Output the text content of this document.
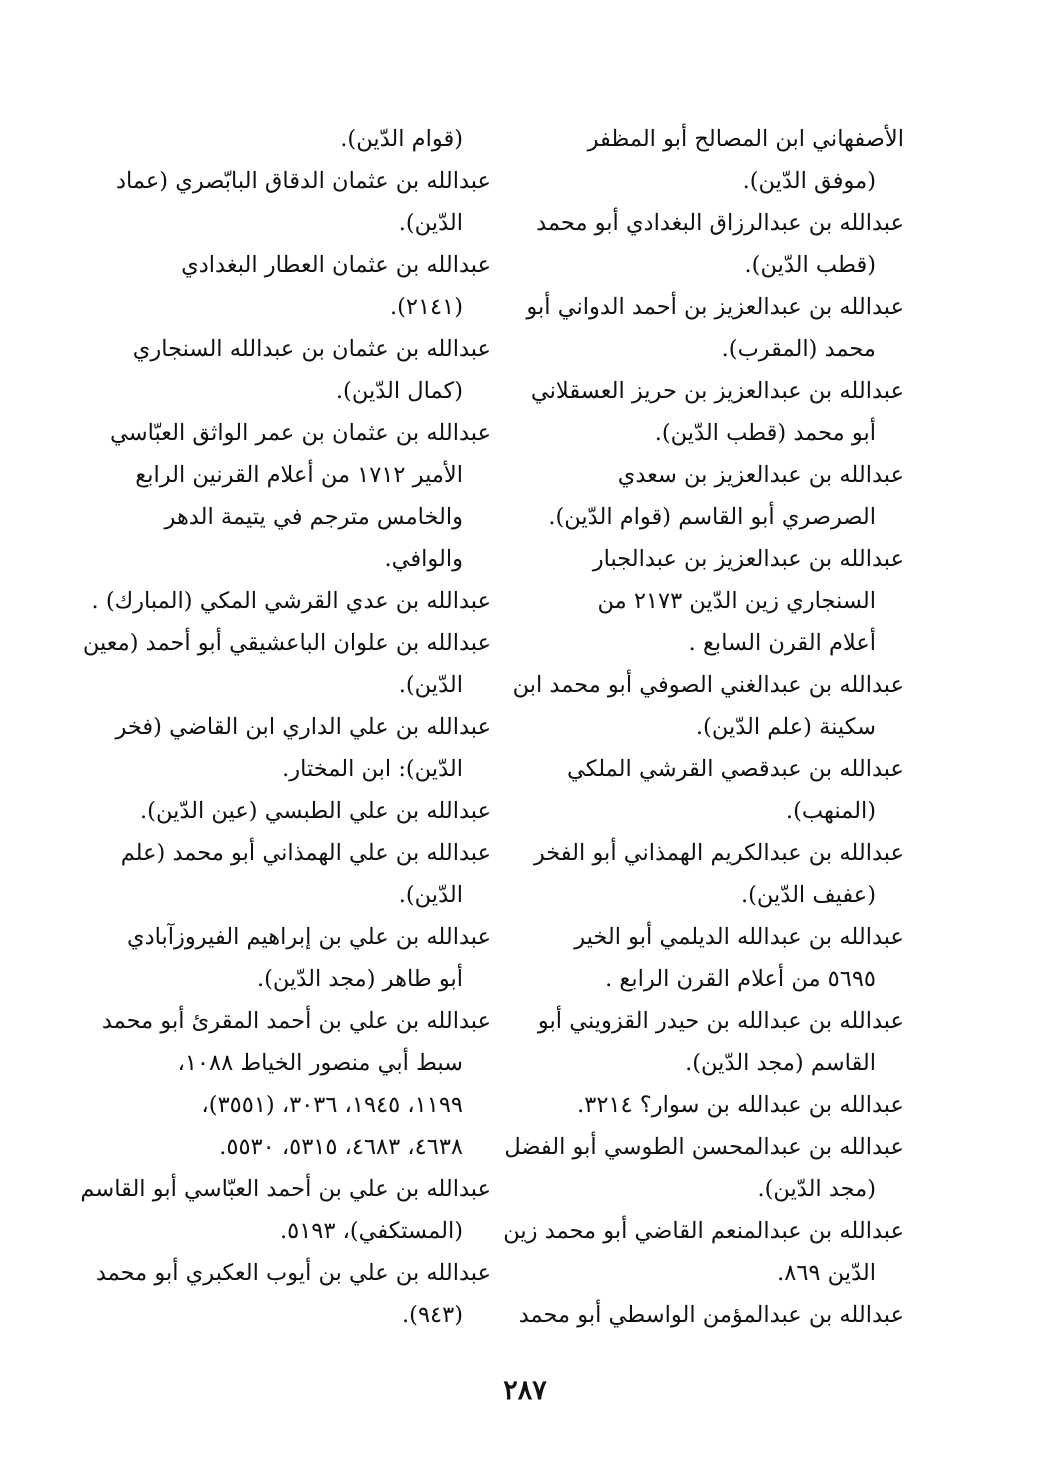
الأصفهاني ابن المصالح أبو المظفر
(موفق الدّين).
عبدالله بن عبدالرزاق البغدادي أبو محمد
(قطب الدّين).
عبدالله بن عبدالعزيز بن أحمد الدواني أبو
محمد (المقرب).
عبدالله بن عبدالعزيز بن حريز العسقلاني
أبو محمد (قطب الدّين).
عبدالله بن عبدالعزيز بن سعدي
الصرصري أبو القاسم (قوام الدّين).
عبدالله بن عبدالعزيز بن عبدالجبار
السنجاري زين الدّين ٢١٧٣ من
أعلام القرن السابع .
عبدالله بن عبدالغني الصوفي أبو محمد ابن
سكينة (علم الدّين).
عبدالله بن عبدقصي القرشي الملكي
(المنهب).
عبدالله بن عبدالكريم الهمذاني أبو الفخر
(عفيف الدّين).
عبدالله بن عبدالله الديلمي أبو الخير
٥٦٩٥ من أعلام القرن الرابع .
عبدالله بن عبدالله بن حيدر القزويني أبو
القاسم (مجد الدّين).
عبدالله بن عبدالله بن سوار؟ ٣٢١٤.
عبدالله بن عبدالمحسن الطوسي أبو الفضل
(مجد الدّين).
عبدالله بن عبدالمنعم القاضي أبو محمد زين
الدّين ٨٦٩.
عبدالله بن عبدالمؤمن الواسطي أبو محمد
(قوام الدّين).
عبدالله بن عثمان الدقاق البابّصري (عماد
الدّين).
عبدالله بن عثمان العطار البغدادي
(٢١٤١).
عبدالله بن عثمان بن عبدالله السنجاري
(كمال الدّين).
عبدالله بن عثمان بن عمر الواثق العبّاسي
الأمير ١٧١٢ من أعلام القرنين الرابع
والخامس مترجم في يتيمة الدهر
والوافي.
عبدالله بن عدي القرشي المكي (المبارك) .
عبدالله بن علوان الباعشيقي أبو أحمد (معين
الدّين).
عبدالله بن علي الداري ابن القاضي (فخر
الدّين): ابن المختار.
عبدالله بن علي الطبسي (عين الدّين).
عبدالله بن علي الهمذاني أبو محمد (علم
الدّين).
عبدالله بن علي بن إبراهيم الفيروزآبادي
أبو طاهر (مجد الدّين).
عبدالله بن علي بن أحمد المقرئ أبو محمد
سبط أبي منصور الخياط ١٠٨٨،
١١٩٩، ١٩٤٥، ٣٠٣٦، (٣٥٥١)،
٤٦٣٨، ٤٦٨٣، ٥٣١٥، ٥٥٣٠.
عبدالله بن علي بن أحمد العبّاسي أبو القاسم
(المستكفي)، ٥١٩٣.
عبدالله بن علي بن أيوب العكبري أبو محمد
(٩٤٣).
٢٨٧
